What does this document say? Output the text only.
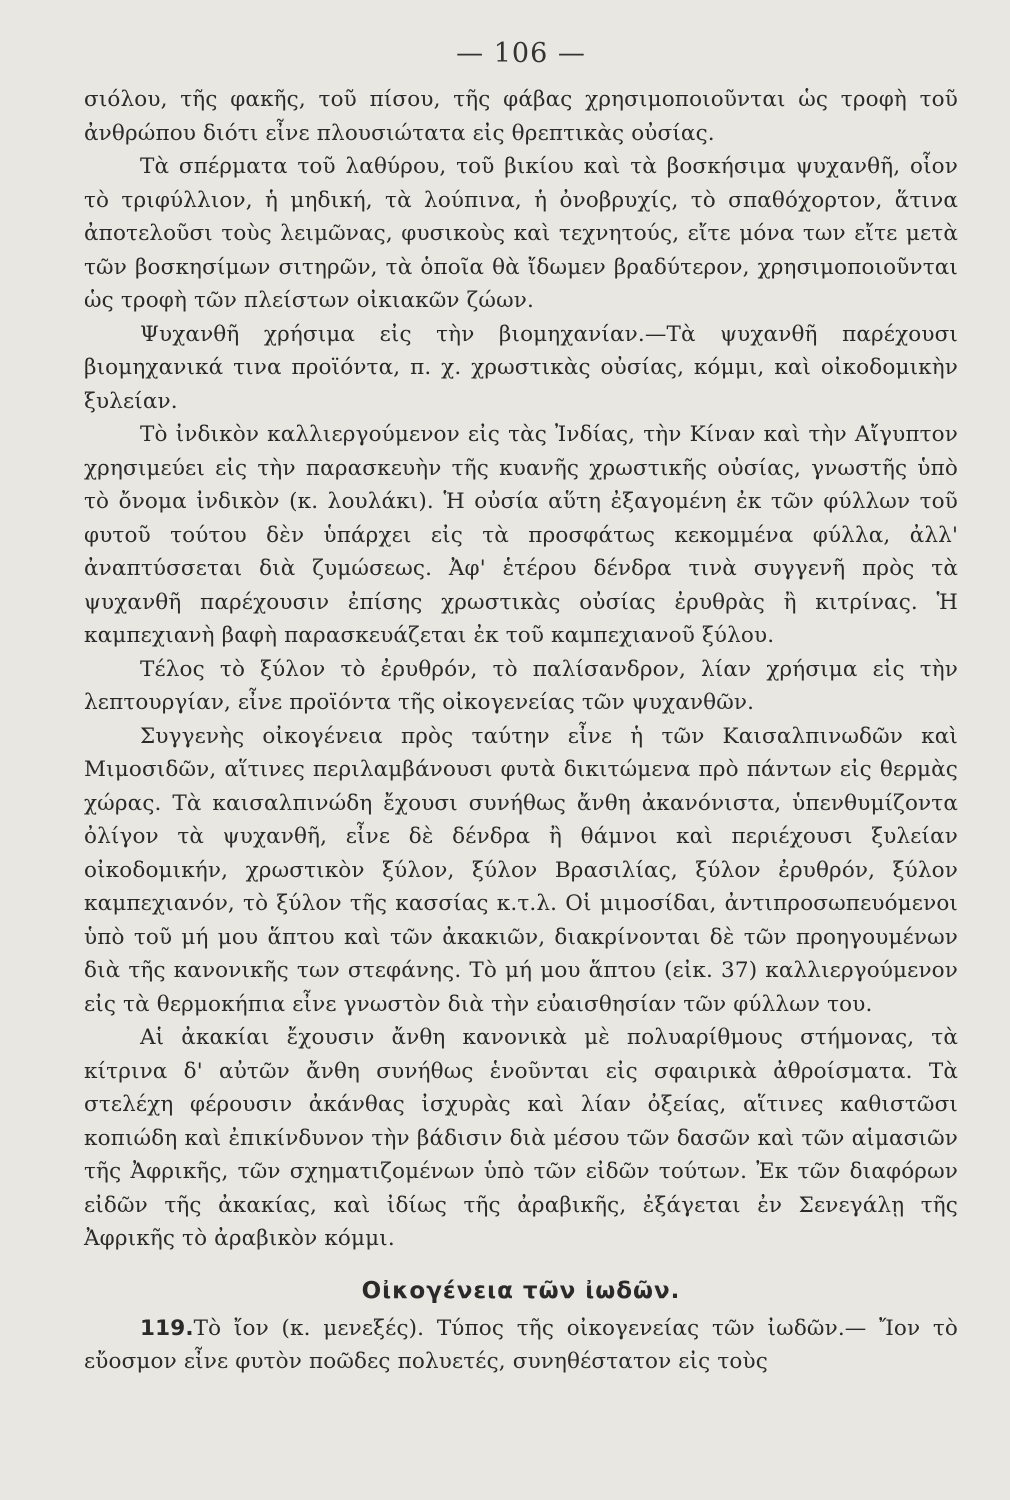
— 106 —

σιόλου, τῆς φακῆς, τοῦ πίσου, τῆς φάβας χρησιμοποιοῦνται ὡς τροφὴ τοῦ ἀνθρώπου διότι εἶνε πλουσιώτατα εἰς θρεπτικὰς οὐσίας.

Τὰ σπέρματα τοῦ λαθύρου, τοῦ βικίου καὶ τὰ βοσκήσιμα ψυχανθῆ, οἷον τὸ τριφύλλιον, ἡ μηδική, τὰ λούπινα, ἡ ὀνοβρυχίς, τὸ σπαθόχορτον, ἅτινα ἀποτελοῦσι τοὺς λειμῶνας, φυσικοὺς καὶ τεχνητούς, εἴτε μόνα των εἴτε μετὰ τῶν βοσκησίμων σιτηρῶν, τὰ ὁποῖα θὰ ἴδωμεν βραδύτερον, χρησιμοποιοῦνται ὡς τροφὴ τῶν πλείστων οἰκιακῶν ζώων.

Ψυχανθῆ χρήσιμα εἰς τὴν βιομηχανίαν.—Τὰ ψυχανθῆ παρέχουσι βιομηχανικά τινα προϊόντα, π. χ. χρωστικὰς οὐσίας, κόμμι, καὶ οἰκοδομικὴν ξυλείαν.

Τὸ ἰνδικὸν καλλιεργούμενον εἰς τὰς Ἰνδίας, τὴν Κίναν καὶ τὴν Αἴγυπτον χρησιμεύει εἰς τὴν παρασκευὴν τῆς κυανῆς χρωστικῆς οὐσίας, γνωστῆς ὑπὸ τὸ ὄνομα ἰνδικὸν (κ. λουλάκι). Ἡ οὐσία αὕτη ἐξαγομένη ἐκ τῶν φύλλων τοῦ φυτοῦ τούτου δὲν ὑπάρχει εἰς τὰ προσφάτως κεκομμένα φύλλα, ἀλλ' ἀναπτύσσεται διὰ ζυμώσεως. Ἀφ' ἑτέρου δένδρα τινὰ συγγενῆ πρὸς τὰ ψυχανθῆ παρέχουσιν ἐπίσης χρωστικὰς οὐσίας ἐρυθρὰς ἢ κιτρίνας. Ἡ καμπεχιανὴ βαφὴ παρασκευάζεται ἐκ τοῦ καμπεχιανοῦ ξύλου.

Τέλος τὸ ξύλον τὸ ἐρυθρόν, τὸ παλίσανδρον, λίαν χρήσιμα εἰς τὴν λεπτουργίαν, εἶνε προϊόντα τῆς οἰκογενείας τῶν ψυχανθῶν.

Συγγενὴς οἰκογένεια πρὸς ταύτην εἶνε ἡ τῶν Καισαλπινωδῶν καὶ Μιμοσιδῶν, αἵτινες περιλαμβάνουσι φυτὰ δικιτώμενα πρὸ πάντων εἰς θερμὰς χώρας. Τὰ καισαλπινώδη ἔχουσι συνήθως ἄνθη ἀκανόνιστα, ὑπενθυμίζοντα ὀλίγον τὰ ψυχανθῆ, εἶνε δὲ δένδρα ἢ θάμνοι καὶ περιέχουσι ξυλείαν οἰκοδομικήν, χρωστικὸν ξύλον, ξύλον Βρασιλίας, ξύλον ἐρυθρόν, ξύλον καμπεχιανόν, τὸ ξύλον τῆς κασσίας κ.τ.λ. Οἱ μιμοσίδαι, ἀντιπροσωπευόμενοι ὑπὸ τοῦ μή μου ἅπτου καὶ τῶν ἀκακιῶν, διακρίνονται δὲ τῶν προηγουμένων διὰ τῆς κανονικῆς των στεφάνης. Τὸ μή μου ἅπτου (εἰκ. 37) καλλιεργούμενον εἰς τὰ θερμοκήπια εἶνε γνωστὸν διὰ τὴν εὐαισθησίαν τῶν φύλλων του.

Αἱ ἀκακίαι ἔχουσιν ἄνθη κανονικὰ μὲ πολυαρίθμους στήμονας, τὰ κίτρινα δ' αὐτῶν ἄνθη συνήθως ἑνοῦνται εἰς σφαιρικὰ ἀθροίσματα. Τὰ στελέχη φέρουσιν ἀκάνθας ἰσχυρὰς καὶ λίαν ὀξείας, αἵτινες καθιστῶσι κοπιώδη καὶ ἐπικίνδυνον τὴν βάδισιν διὰ μέσου τῶν δασῶν καὶ τῶν αἱμασιῶν τῆς Ἀφρικῆς, τῶν σχηματιζομένων ὑπὸ τῶν εἰδῶν τούτων. Ἐκ τῶν διαφόρων εἰδῶν τῆς ἀκακίας, καὶ ἰδίως τῆς ἀραβικῆς, ἐξάγεται ἐν Σενεγάλῃ τῆς Ἀφρικῆς τὸ ἀραβικὸν κόμμι.

Οἰκογένεια τῶν ἰωδῶν.

119.Τὸ ἴον (κ. μενεξές). Τύπος τῆς οἰκογενείας τῶν ἰωδῶν.— Ἴον τὸ εὔοσμον εἶνε φυτὸν ποῶδες πολυετές, συνηθέστατον εἰς τοὺς
